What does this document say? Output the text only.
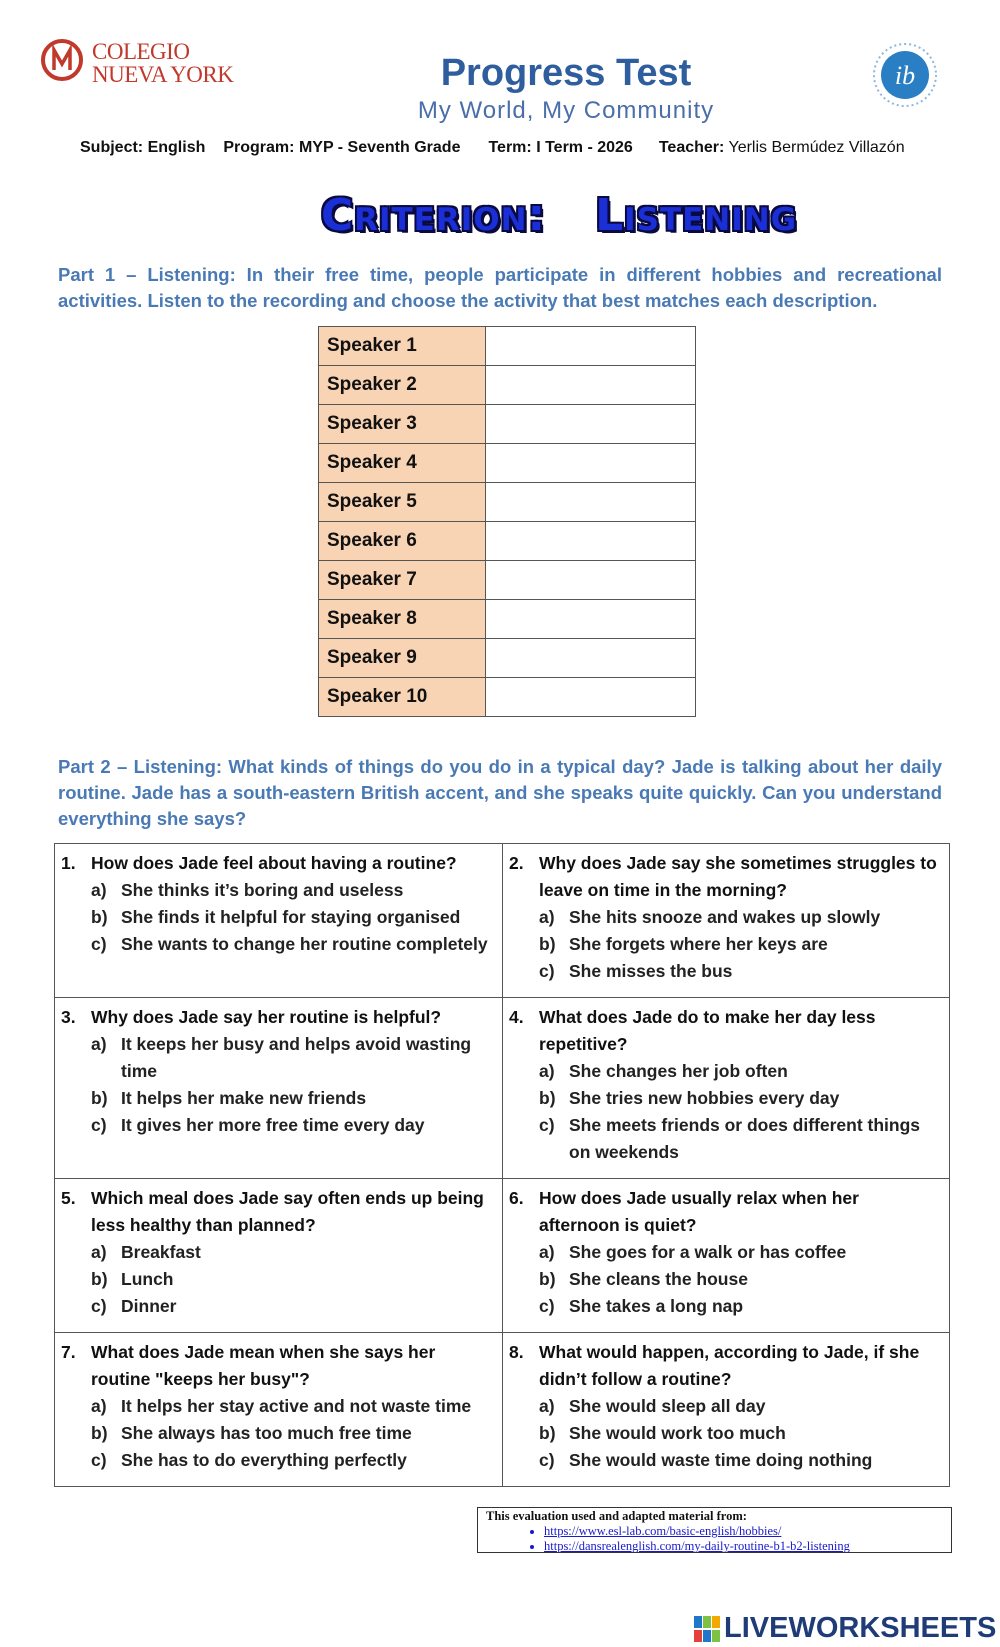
COLEGIO
NUEVA YORK	Progress Test
My World, My Community
ib
Subject: English Program: MYP - Seventh Grade Term: I Term - 2026 Teacher: Yerlis Bermúdez Villazón
Criterion:   Listening
Part 1 – Listening: In their free time, people participate in different hobbies and recreational activities. Listen to the recording and choose the activity that best matches each description.
Speaker 1	
Speaker 2	
Speaker 3	
Speaker 4	
Speaker 5	
Speaker 6	
Speaker 7	
Speaker 8	
Speaker 9	
Speaker 10	
Part 2 – Listening: What kinds of things do you do in a typical day? Jade is talking about her daily routine. Jade has a south-eastern British accent, and she speaks quite quickly. Can you understand everything she says?
1. How does Jade feel about having a routine?
a) She thinks it’s boring and useless
b) She finds it helpful for staying organised
c) She wants to change her routine completely
2. Why does Jade say she sometimes struggles to leave on time in the morning?
a) She hits snooze and wakes up slowly
b) She forgets where her keys are
c) She misses the bus
3. Why does Jade say her routine is helpful?
a) It keeps her busy and helps avoid wasting time
b) It helps her make new friends
c) It gives her more free time every day
4. What does Jade do to make her day less repetitive?
a) She changes her job often
b) She tries new hobbies every day
c) She meets friends or does different things on weekends
5. Which meal does Jade say often ends up being less healthy than planned?
a) Breakfast
b) Lunch
c) Dinner
6. How does Jade usually relax when her afternoon is quiet?
a) She goes for a walk or has coffee
b) She cleans the house
c) She takes a long nap
7. What does Jade mean when she says her routine "keeps her busy"?
a) It helps her stay active and not waste time
b) She always has too much free time
c) She has to do everything perfectly
8. What would happen, according to Jade, if she didn’t follow a routine?
a) She would sleep all day
b) She would work too much
c) She would waste time doing nothing
This evaluation used and adapted material from:
• https://www.esl-lab.com/basic-english/hobbies/
• https://dansrealenglish.com/my-daily-routine-b1-b2-listening
LIVEWORKSHEETS
